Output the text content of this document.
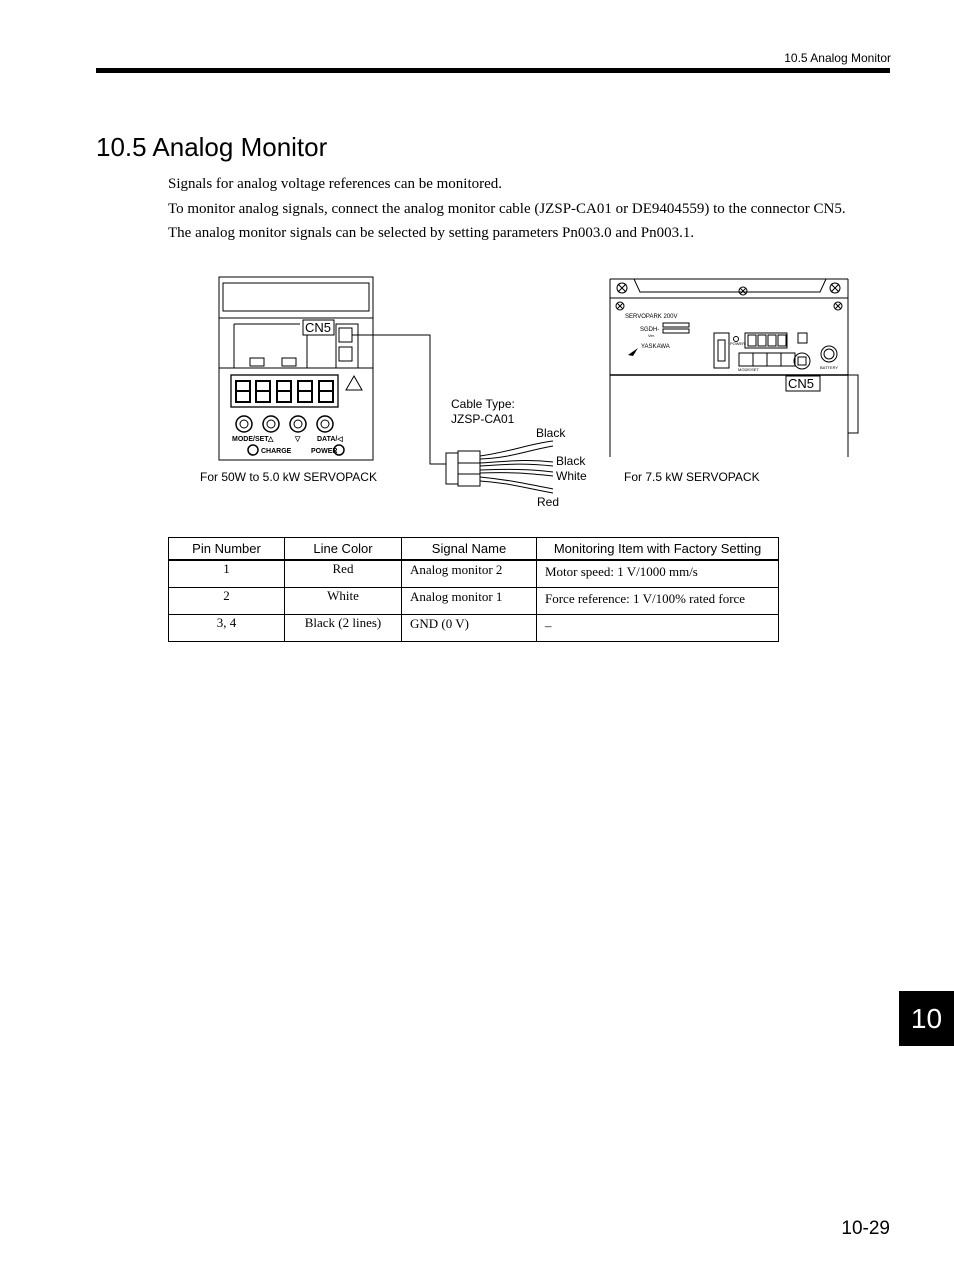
10.5 Analog Monitor
10.5 Analog Monitor

Signals for analog voltage references can be monitored.

To monitor analog signals, connect the analog monitor cable (JZSP-CA01 or DE9404559) to the connector CN5.

The analog monitor signals can be selected by setting parameters Pn003.0 and Pn003.1.

CN5
MODE/SET △	▽ DATA/◁
CHARGE	POWER
For 50W to 5.0 kW SERVOPACK
Cable Type:
JZSP-CA01
Black
Black
White
Red
SERVOPARK 200V
SGDH-
Ver.
YASKAWA
POWER
MODE/SET	BATTERY
CN5
For 7.5 kW SERVOPACK
Pin Number	Line Color	Signal Name	Monitoring Item with Factory Setting
1	Red	Analog monitor 2	Motor speed: 1 V/1000 mm/s
2	White	Analog monitor 1	Force reference: 1 V/100% rated force
3, 4	Black (2 lines)	GND (0 V)	–
10
10-29
